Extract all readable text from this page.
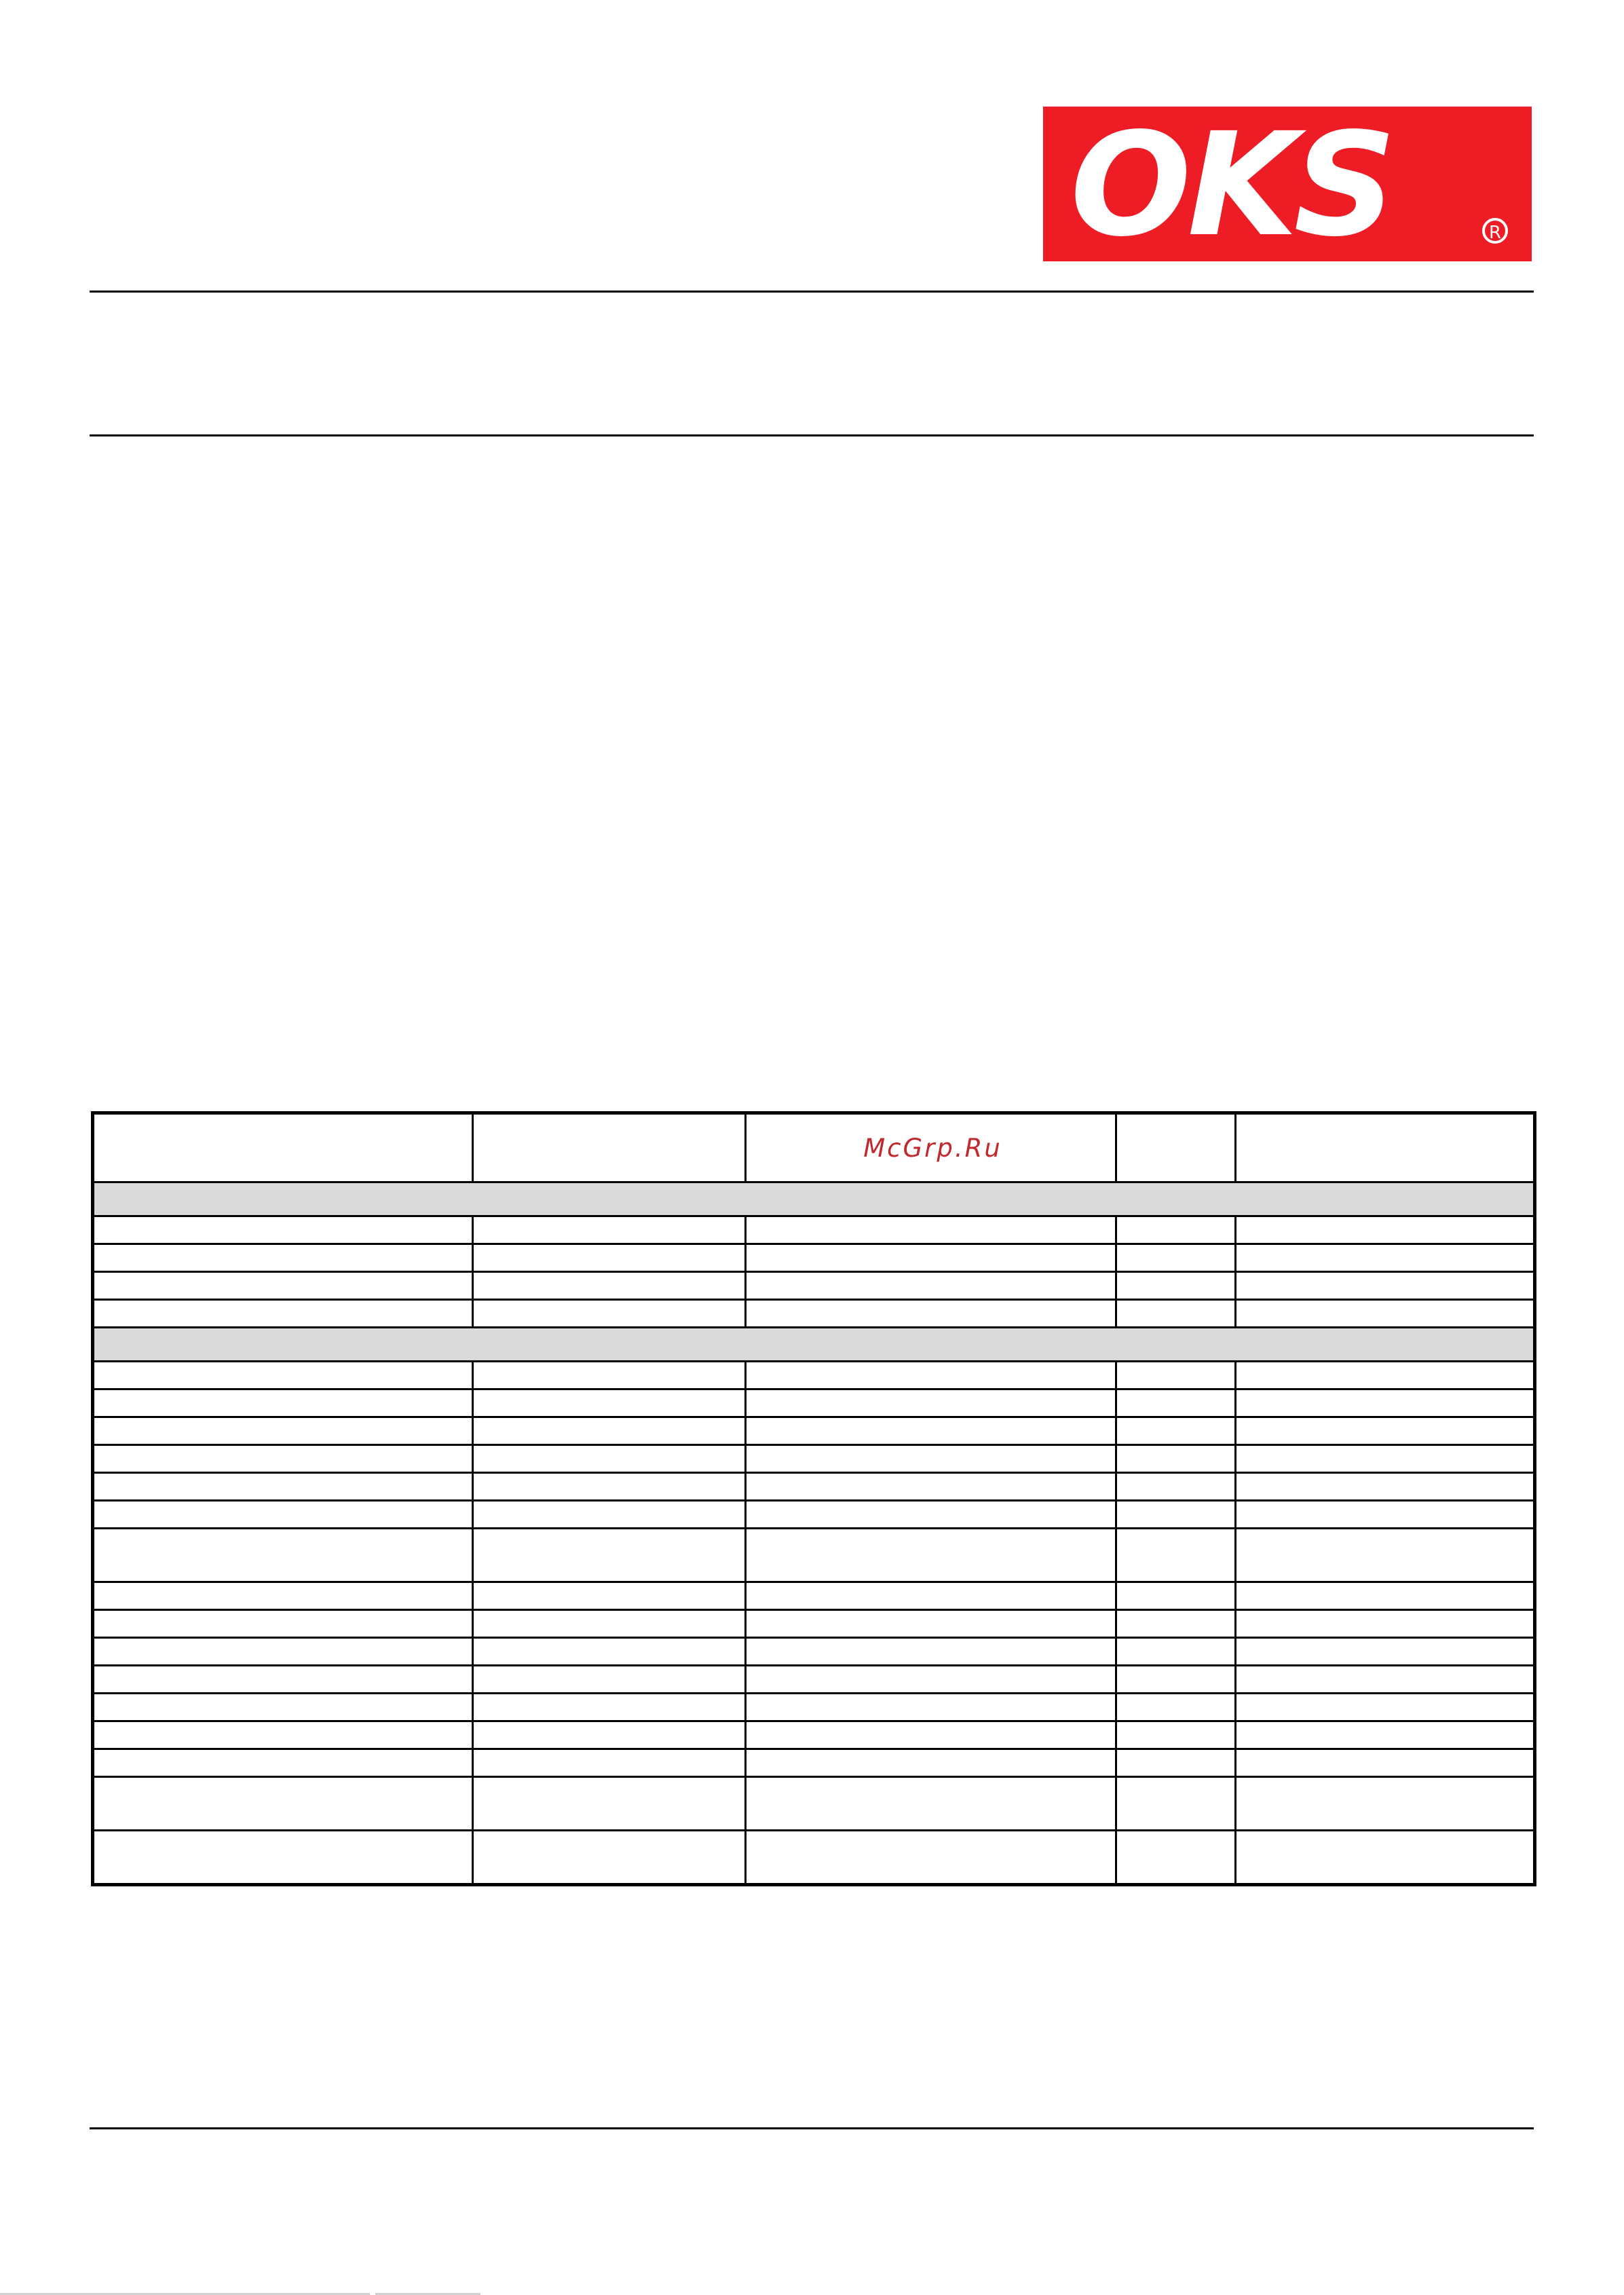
OKS	R

		McGrp.Ru		
